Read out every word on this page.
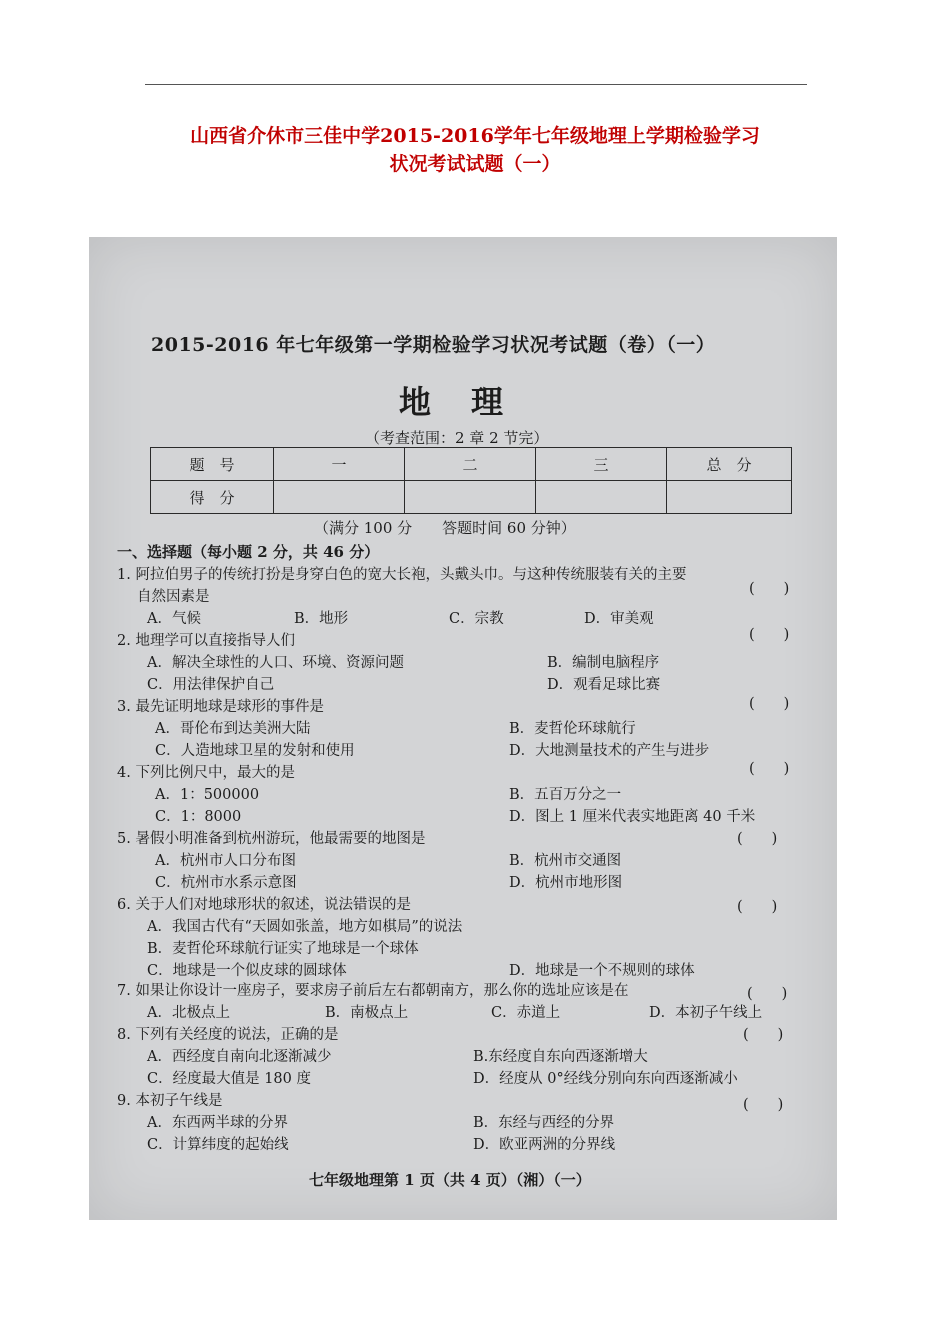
山西省介休市三佳中学2015-2016学年七年级地理上学期检验学习
状况考试试题（一）
2015-2016 年七年级第一学期检验学习状况考试题（卷）（一）
地理
（考查范围：2 章 2 节完）
题　号	一	二	三	总　分
得　分				
（满分 100 分　　答题时间 60 分钟）
一、选择题（每小题 2 分，共 46 分）
1. 阿拉伯男子的传统打扮是身穿白色的宽大长袍，头戴头巾。与这种传统服装有关的主要
自然因素是	(　　)
A．气候	B．地形	C．宗教	D．审美观
2. 地理学可以直接指导人们	(　　)
A．解决全球性的人口、环境、资源问题	B．编制电脑程序
C．用法律保护自己	D．观看足球比赛
3. 最先证明地球是球形的事件是	(　　)
A．哥伦布到达美洲大陆	B．麦哲伦环球航行
C．人造地球卫星的发射和使用	D．大地测量技术的产生与进步
4. 下列比例尺中，最大的是	(　　)
A．1：500000	B．五百万分之一
C．1：8000	D．图上 1 厘米代表实地距离 40 千米
5. 暑假小明准备到杭州游玩，他最需要的地图是	(　　)
A．杭州市人口分布图	B．杭州市交通图
C．杭州市水系示意图	D．杭州市地形图
6. 关于人们对地球形状的叙述，说法错误的是	(　　)
A．我国古代有“天圆如张盖，地方如棋局”的说法
B．麦哲伦环球航行证实了地球是一个球体
C．地球是一个似皮球的圆球体	D．地球是一个不规则的球体
7. 如果让你设计一座房子，要求房子前后左右都朝南方，那么你的选址应该是在	(　　)
A．北极点上	B．南极点上	C．赤道上	D．本初子午线上
8. 下列有关经度的说法，正确的是	(　　)
A．西经度自南向北逐渐减少	B.东经度自东向西逐渐增大
C．经度最大值是 180 度	D．经度从 0°经线分别向东向西逐渐减小
9. 本初子午线是	(　　)
A．东西两半球的分界	B．东经与西经的分界
C．计算纬度的起始线	D．欧亚两洲的分界线
七年级地理第 1 页（共 4 页）（湘）（一）
